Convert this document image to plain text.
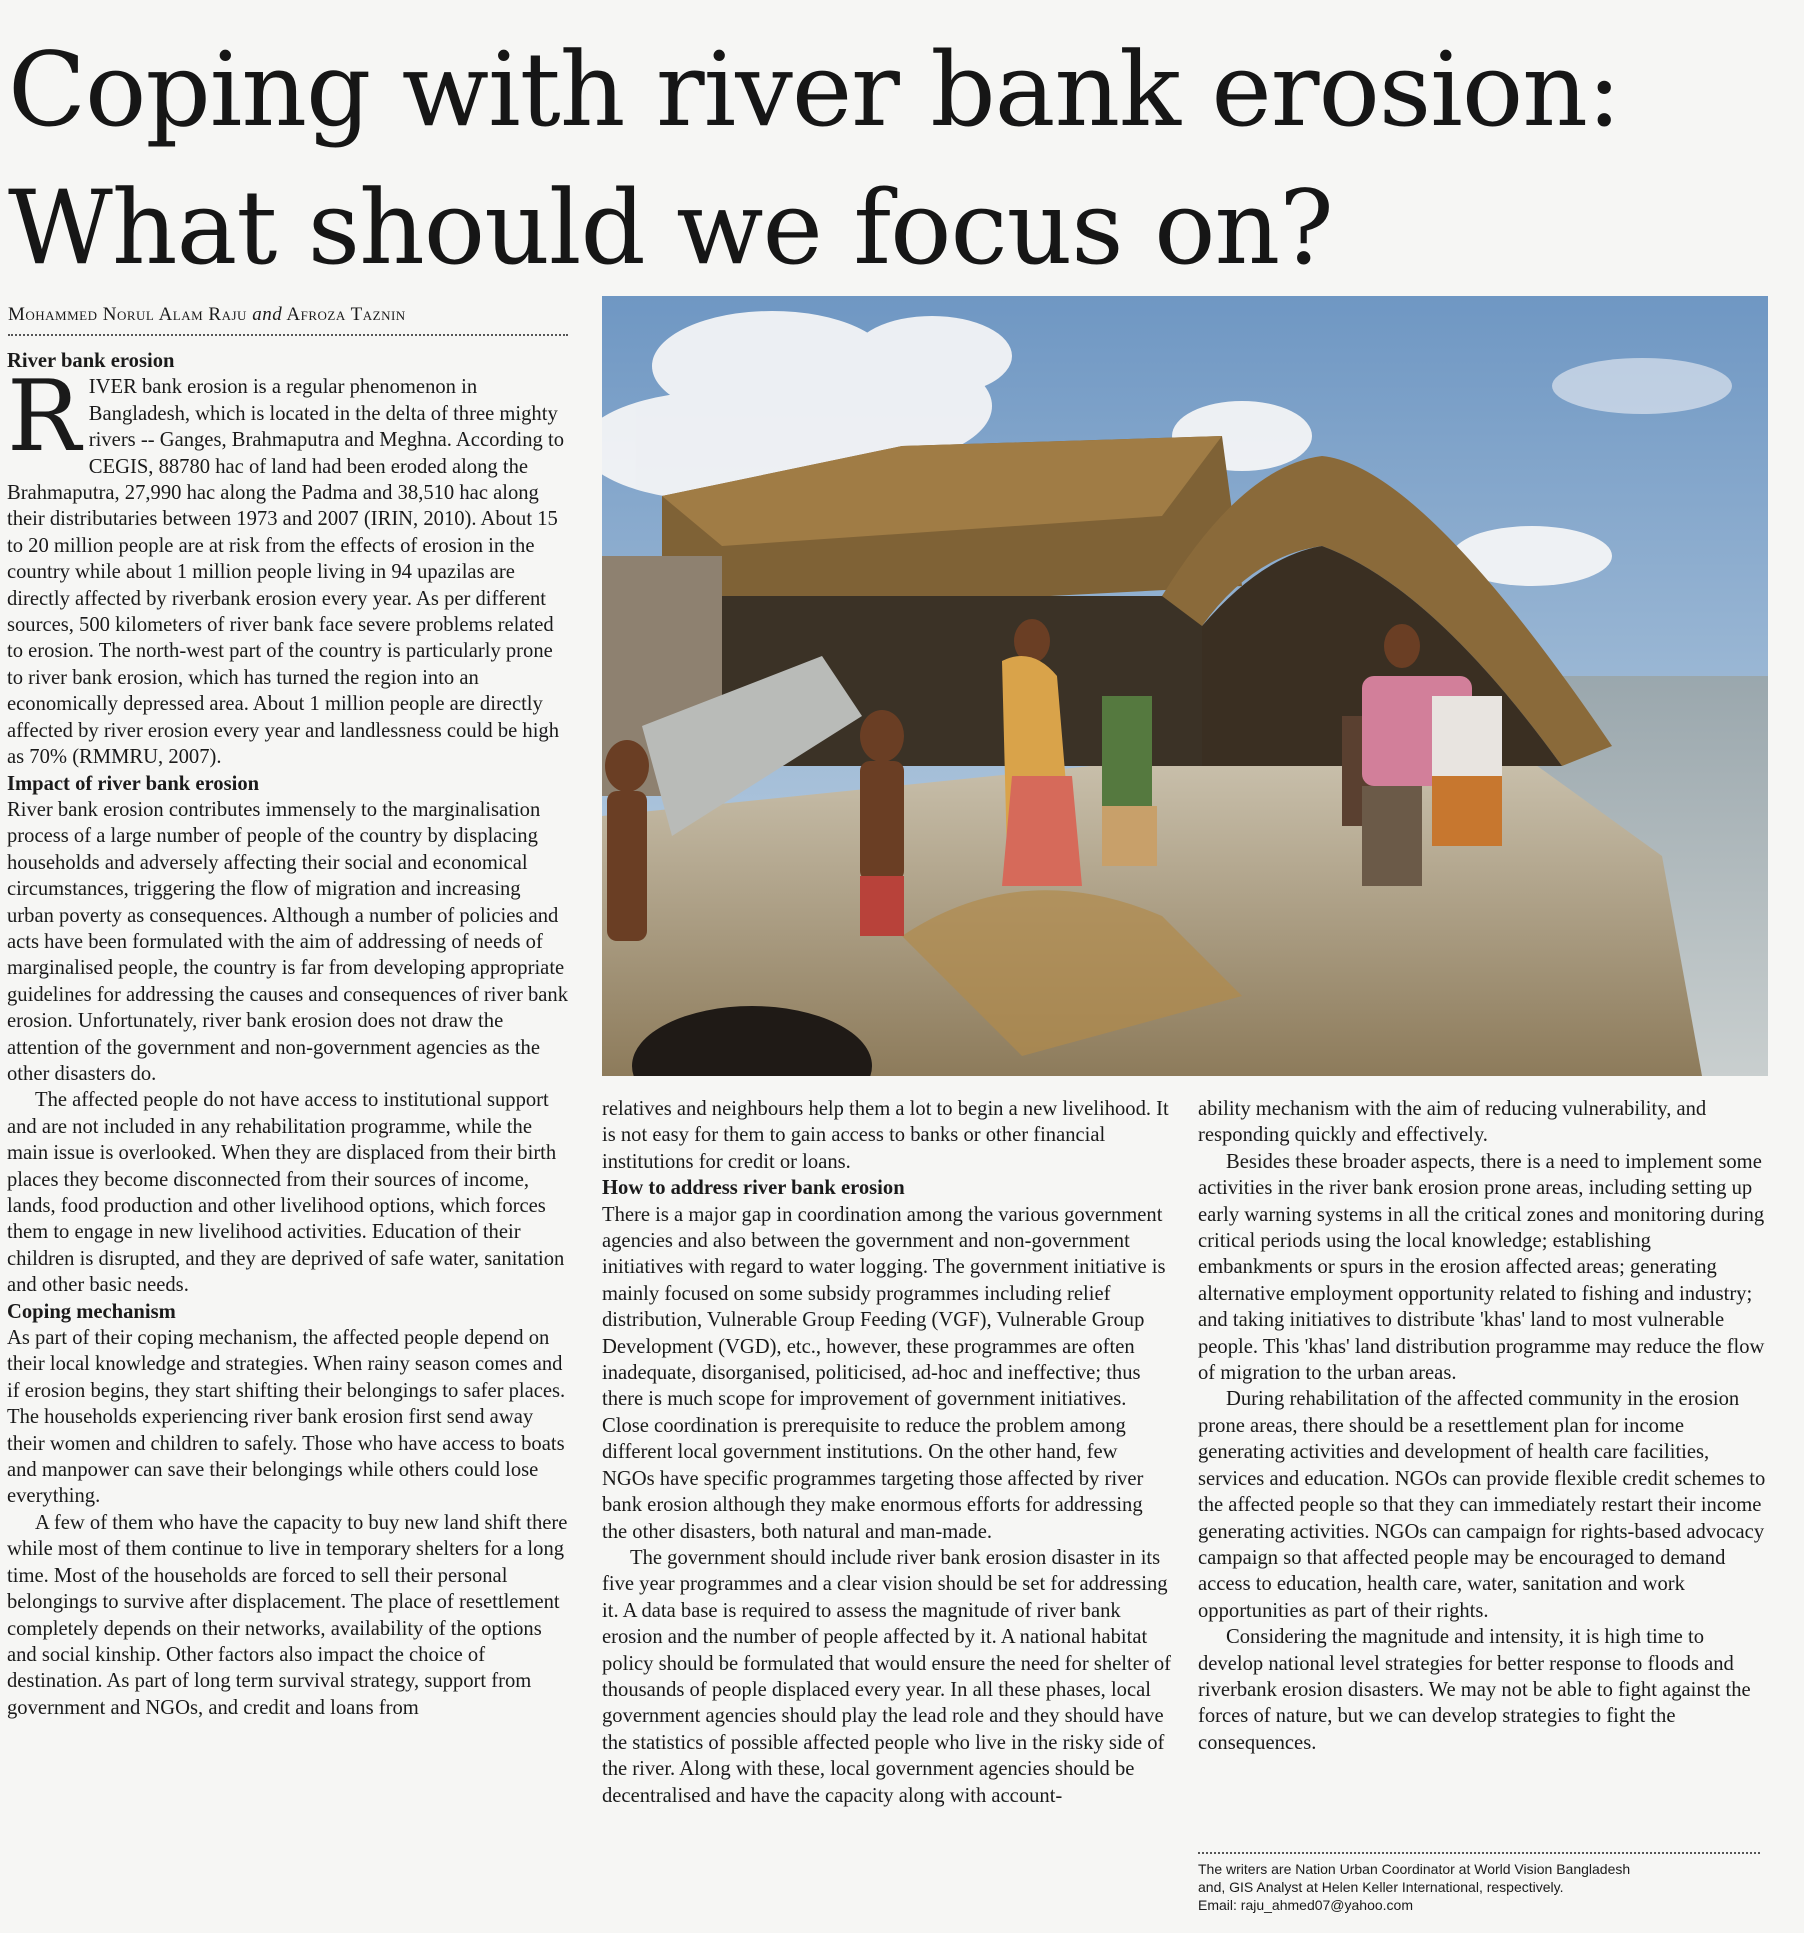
Coping with river bank erosion:
What should we focus on?
Mohammed Norul Alam Raju and Afroza Taznin
River bank erosion

RIVER bank erosion is a regular phenomenon in Bangladesh, which is located in the delta of three mighty rivers -- Ganges, Brahmaputra and Meghna. According to CEGIS, 88780 hac of land had been eroded along the Brahmaputra, 27,990 hac along the Padma and 38,510 hac along their distributaries between 1973 and 2007 (IRIN, 2010). About 15 to 20 million people are at risk from the effects of erosion in the country while about 1 million people living in 94 upazilas are directly affected by riverbank erosion every year. As per different sources, 500 kilometers of river bank face severe problems related to erosion. The north-west part of the country is particularly prone to river bank erosion, which has turned the region into an economically depressed area. About 1 million people are directly affected by river erosion every year and landlessness could be high as 70% (RMMRU, 2007).

Impact of river bank erosion

River bank erosion contributes immensely to the marginalisation process of a large number of people of the country by displacing households and adversely affecting their social and economical circumstances, triggering the flow of migration and increasing urban poverty as consequences. Although a number of policies and acts have been formulated with the aim of addressing of needs of marginalised people, the country is far from developing appropriate guidelines for addressing the causes and consequences of river bank erosion. Unfortunately, river bank erosion does not draw the attention of the government and non-government agencies as the other disasters do.

The affected people do not have access to institutional support and are not included in any rehabilitation programme, while the main issue is overlooked. When they are displaced from their birth places they become disconnected from their sources of income, lands, food production and other livelihood options, which forces them to engage in new livelihood activities. Education of their children is disrupted, and they are deprived of safe water, sanitation and other basic needs.

Coping mechanism

As part of their coping mechanism, the affected people depend on their local knowledge and strategies. When rainy season comes and if erosion begins, they start shifting their belongings to safer places. The households experiencing river bank erosion first send away their women and children to safely. Those who have access to boats and manpower can save their belongings while others could lose everything.

A few of them who have the capacity to buy new land shift there while most of them continue to live in temporary shelters for a long time. Most of the households are forced to sell their personal belongings to survive after displacement. The place of resettlement completely depends on their networks, availability of the options and social kinship. Other factors also impact the choice of destination. As part of long term survival strategy, support from government and NGOs, and credit and loans from

relatives and neighbours help them a lot to begin a new livelihood. It is not easy for them to gain access to banks or other financial institutions for credit or loans.

How to address river bank erosion

There is a major gap in coordination among the various government agencies and also between the government and non-government initiatives with regard to water logging. The government initiative is mainly focused on some subsidy programmes including relief distribution, Vulnerable Group Feeding (VGF), Vulnerable Group Development (VGD), etc., however, these programmes are often inadequate, disorganised, politicised, ad-hoc and ineffective; thus there is much scope for improvement of government initiatives. Close coordination is prerequisite to reduce the problem among different local government institutions. On the other hand, few NGOs have specific programmes targeting those affected by river bank erosion although they make enormous efforts for addressing the other disasters, both natural and man-made.

The government should include river bank erosion disaster in its five year programmes and a clear vision should be set for addressing it. A data base is required to assess the magnitude of river bank erosion and the number of people affected by it. A national habitat policy should be formulated that would ensure the need for shelter of thousands of people displaced every year. In all these phases, local government agencies should play the lead role and they should have the statistics of possible affected people who live in the risky side of the river. Along with these, local government agencies should be decentralised and have the capacity along with account-

ability mechanism with the aim of reducing vulnerability, and responding quickly and effectively.

Besides these broader aspects, there is a need to implement some activities in the river bank erosion prone areas, including setting up early warning systems in all the critical zones and monitoring during critical periods using the local knowledge; establishing embankments or spurs in the erosion affected areas; generating alternative employment opportunity related to fishing and industry; and taking initiatives to distribute 'khas' land to most vulnerable people. This 'khas' land distribution programme may reduce the flow of migration to the urban areas.

During rehabilitation of the affected community in the erosion prone areas, there should be a resettlement plan for income generating activities and development of health care facilities, services and education. NGOs can provide flexible credit schemes to the affected people so that they can immediately restart their income generating activities. NGOs can campaign for rights-based advocacy campaign so that affected people may be encouraged to demand access to education, health care, water, sanitation and work opportunities as part of their rights.

Considering the magnitude and intensity, it is high time to develop national level strategies for better response to floods and riverbank erosion disasters. We may not be able to fight against the forces of nature, but we can develop strategies to fight the consequences.

The writers are Nation Urban Coordinator at World Vision Bangladesh
and, GIS Analyst at Helen Keller International, respectively.
Email: raju_ahmed07@yahoo.com
